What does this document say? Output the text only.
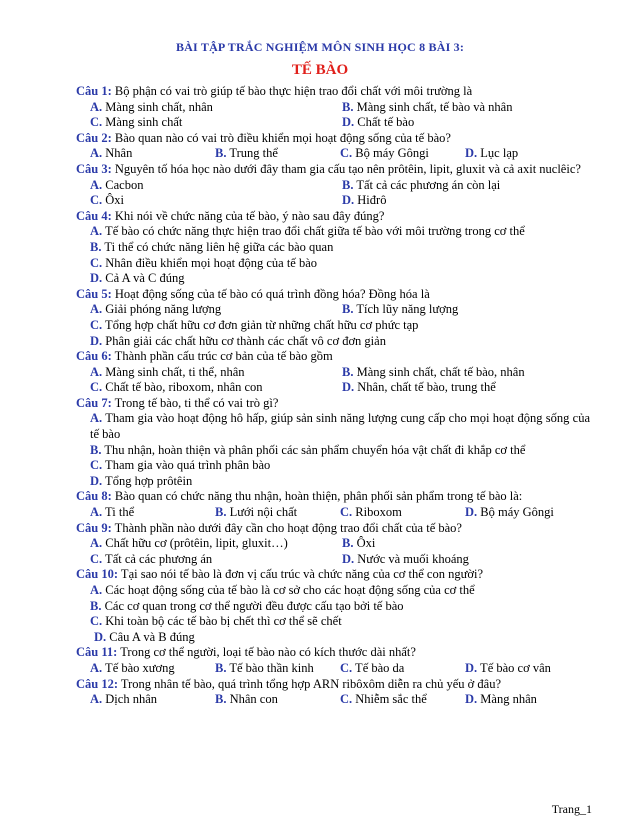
BÀI TẬP TRẮC NGHIỆM MÔN SINH HỌC 8 BÀI 3:
TẾ BÀO

Câu 1: Bộ phận có vai trò giúp tế bào thực hiện trao đổi chất với môi trường là

A. Màng sinh chất, nhân	B. Màng sinh chất, tế bào và nhân
C. Màng sinh chất	D. Chất tế bào

Câu 2: Bào quan nào có vai trò điều khiển mọi hoạt động sống của tế bào?

A. Nhân	B. Trung thể	C. Bộ máy Gôngi	D. Lục lạp

Câu 3: Nguyên tố hóa học nào dưới đây tham gia cấu tạo nên prôtêin, lipit, gluxit và cả axit nuclêic?

A. Cacbon	B. Tất cả các phương án còn lại
C. Ôxi	D. Hiđrô

Câu 4: Khi nói về chức năng của tế bào, ý nào sau đây đúng?

A. Tế bào có chức năng thực hiện trao đổi chất giữa tế bào với môi trường trong cơ thể
B. Ti thể có chức năng liên hệ giữa các bào quan
C. Nhân điều khiển mọi hoạt động của tế bào
D. Cả A và C đúng

Câu 5: Hoạt động sống của tế bào có quá trình đồng hóa? Đồng hóa là

A. Giải phóng năng lượng	B. Tích lũy năng lượng
C. Tổng hợp chất hữu cơ đơn giản từ những chất hữu cơ phức tạp
D. Phân giải các chất hữu cơ thành các chất vô cơ đơn giản

Câu 6: Thành phần cấu trúc cơ bản của tế bào gồm

A. Màng sinh chất, ti thể, nhân	B. Màng sinh chất, chất tế bào, nhân
C. Chất tế bào, riboxom, nhân con	D. Nhân, chất tế bào, trung thể

Câu 7: Trong tế bào, ti thể có vai trò gì?

A. Tham gia vào hoạt động hô hấp, giúp sản sinh năng lượng cung cấp cho mọi hoạt động sống của tế bào
B. Thu nhận, hoàn thiện và phân phối các sản phẩm chuyển hóa vật chất đi khắp cơ thể
C. Tham gia vào quá trình phân bào
D. Tổng hợp prôtêin

Câu 8: Bào quan có chức năng thu nhận, hoàn thiện, phân phối sản phẩm trong tế bào là:

A. Ti thể	B. Lưới nội chất	C. Riboxom	D. Bộ máy Gôngi

Câu 9: Thành phần nào dưới đây cần cho hoạt động trao đổi chất của tế bào?

A. Chất hữu cơ (prôtêin, lipit, gluxit…)	B. Ôxi
C. Tất cả các phương án	D. Nước và muối khoáng

Câu 10: Tại sao nói tế bào là đơn vị cấu trúc và chức năng của cơ thể con người?

A. Các hoạt động sống của tế bào là cơ sở cho các hoạt động sống của cơ thể
B. Các cơ quan trong cơ thể người đều được cấu tạo bởi tế bào
C. Khi toàn bộ các tế bào bị chết thì cơ thể sẽ chết
D. Câu A và B đúng

Câu 11: Trong cơ thể người, loại tế bào nào có kích thước dài nhất?

A. Tế bào xương	B. Tế bào thần kinh	C. Tế bào da	D. Tế bào cơ vân

Câu 12: Trong nhân tế bào, quá trình tổng hợp ARN ribôxôm diễn ra chủ yếu ở đâu?

A. Dịch nhân	B. Nhân con	C. Nhiễm sắc thể	D. Màng nhân
Trang_1
